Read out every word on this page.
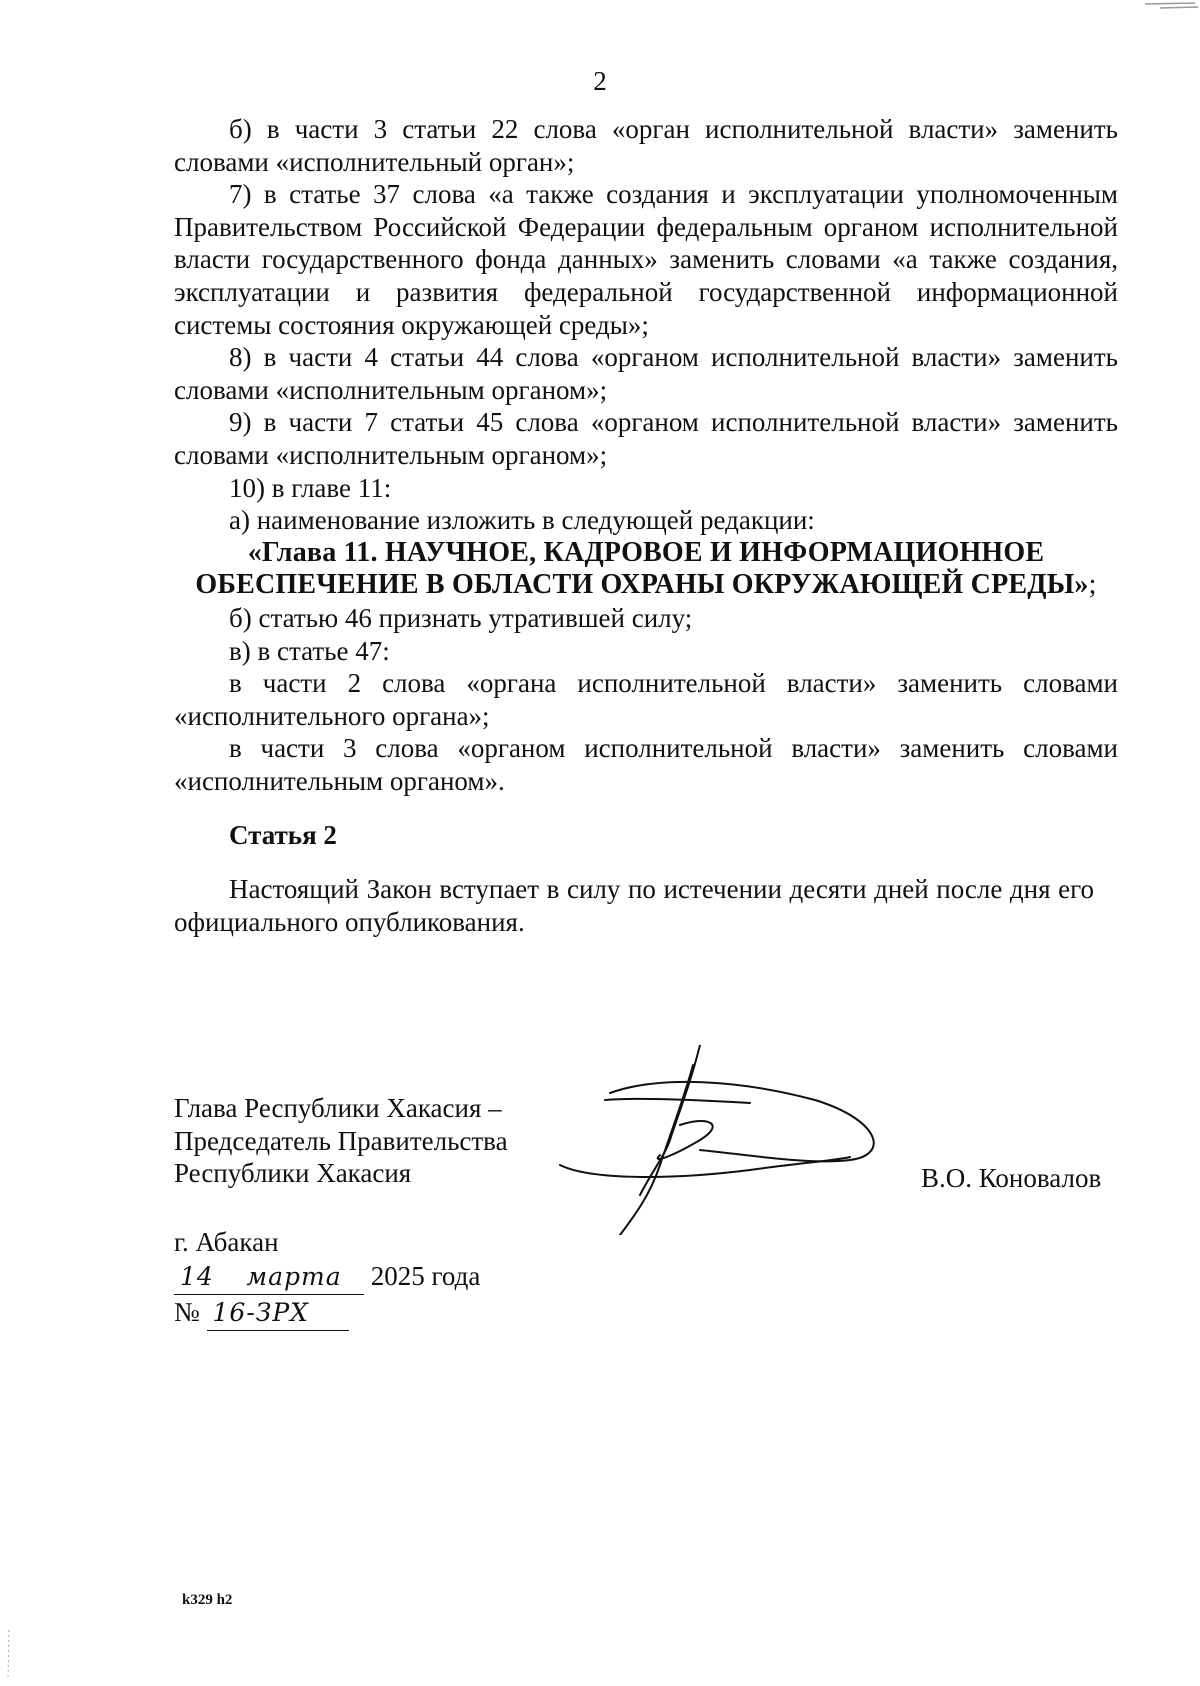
2

б) в части 3 статьи 22 слова «орган исполнительной власти» заменить словами «исполнительный орган»;

7) в статье 37 слова «а также создания и эксплуатации уполномоченным Правительством Российской Федерации федеральным органом исполнительной власти государственного фонда данных» заменить словами «а также создания, эксплуатации и развития федеральной государственной информационной системы состояния окружающей среды»;

8) в части 4 статьи 44 слова «органом исполнительной власти» заменить словами «исполнительным органом»;

9) в части 7 статьи 45 слова «органом исполнительной власти» заменить словами «исполнительным органом»;

10) в главе 11:

а) наименование изложить в следующей редакции:

«Глава 11. НАУЧНОЕ, КАДРОВОЕ И ИНФОРМАЦИОННОЕ
ОБЕСПЕЧЕНИЕ В ОБЛАСТИ ОХРАНЫ ОКРУЖАЮЩЕЙ СРЕДЫ»;

б) статью 46 признать утратившей силу;

в) в статье 47:

в части 2 слова «органа исполнительной власти» заменить словами «исполнительного органа»;

в части 3 слова «органом исполнительной власти» заменить словами «исполнительным органом».

Статья 2

Настоящий Закон вступает в силу по истечении десяти дней после дня его официального опубликования.

Глава Республики Хакасия –
Председатель Правительства
Республики Хакасия	В.О. Коновалов
г. Абакан
14 марта 2025 года
№ 16-ЗРХ
k329 h2
